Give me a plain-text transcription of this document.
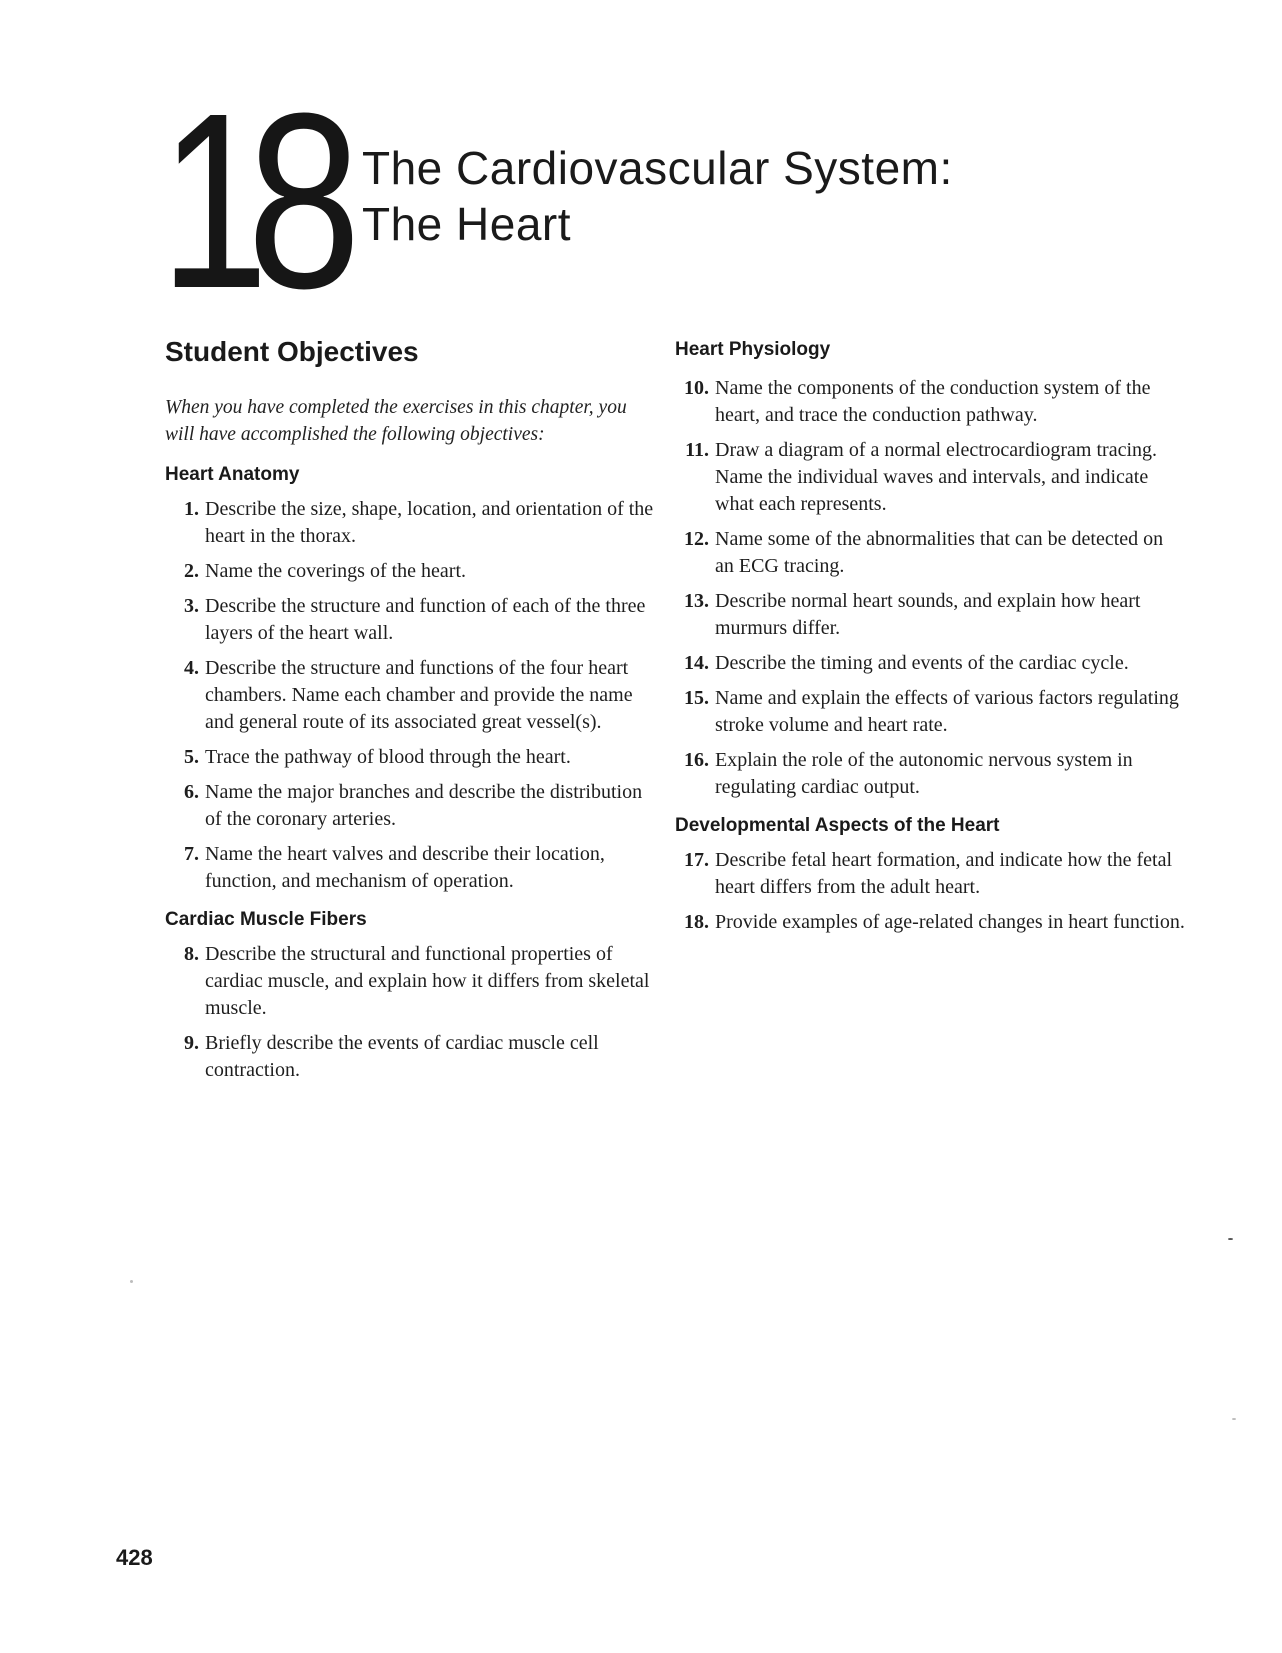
1
8 The Cardiovascular System:
The Heart
Student Objectives

When you have completed the exercises in this chapter, you will have accomplished the following objectives:

Heart Anatomy
1. Describe the size, shape, location, and orientation of the heart in the thorax.
2. Name the coverings of the heart.
3. Describe the structure and function of each of the three layers of the heart wall.
4. Describe the structure and functions of the four heart chambers. Name each chamber and provide the name and general route of its associated great vessel(s).
5. Trace the pathway of blood through the heart.
6. Name the major branches and describe the distribution of the coronary arteries.
7. Name the heart valves and describe their location, function, and mechanism of operation.
Cardiac Muscle Fibers
8. Describe the structural and functional properties of cardiac muscle, and explain how it differs from skeletal muscle.
9. Briefly describe the events of cardiac muscle cell contraction.
Heart Physiology
10. Name the components of the conduction system of the heart, and trace the conduction pathway.
11. Draw a diagram of a normal electrocardiogram tracing. Name the individual waves and intervals, and indicate what each represents.
12. Name some of the abnormalities that can be detected on an ECG tracing.
13. Describe normal heart sounds, and explain how heart murmurs differ.
14. Describe the timing and events of the cardiac cycle.
15. Name and explain the effects of various factors regulating stroke volume and heart rate.
16. Explain the role of the autonomic nervous system in regulating cardiac output.
Developmental Aspects of the Heart
17. Describe fetal heart formation, and indicate how the fetal heart differs from the adult heart.
18. Provide examples of age-related changes in heart function.
428
